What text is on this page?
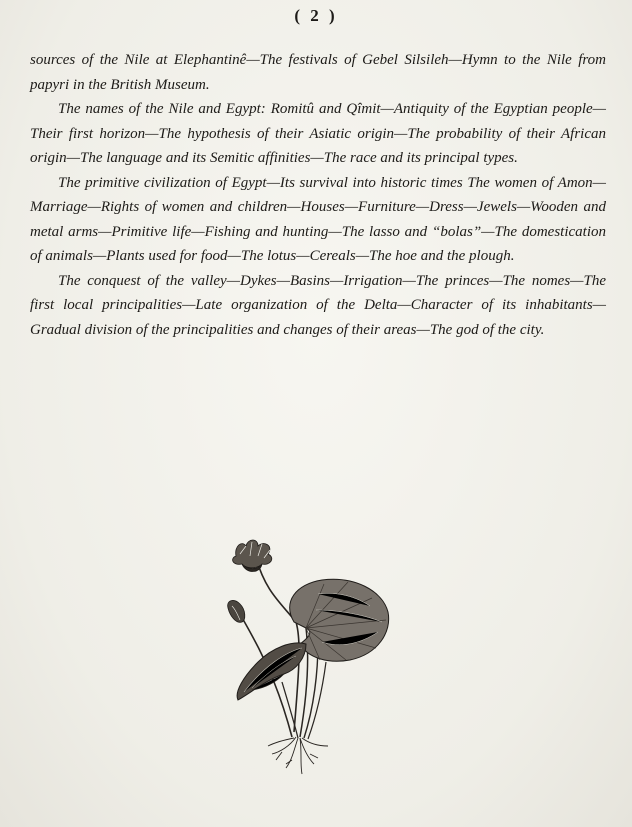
( 2 )

sources of the Nile at Elephantinê—The festivals of Gebel Silsileh—Hymn to the Nile from papyri in the British Museum.

The names of the Nile and Egypt: Romitû and Qîmit—Antiquity of the Egyptian people—Their first horizon—The hypothesis of their Asiatic origin—The probability of their African origin—The language and its Semitic affinities—The race and its principal types.

The primitive civilization of Egypt—Its survival into historic times The women of Amon—Marriage—Rights of women and children—Houses—Furniture—Dress—Jewels—Wooden and metal arms—Primitive life—Fishing and hunting—The lasso and “bolas”—The domestication of animals—Plants used for food—The lotus—Cereals—The hoe and the plough.

The conquest of the valley—Dykes—Basins—Irrigation—The princes—The nomes—The first local principalities—Late organization of the Delta—Character of its inhabitants—Gradual division of the principalities and changes of their areas—The god of the city.
